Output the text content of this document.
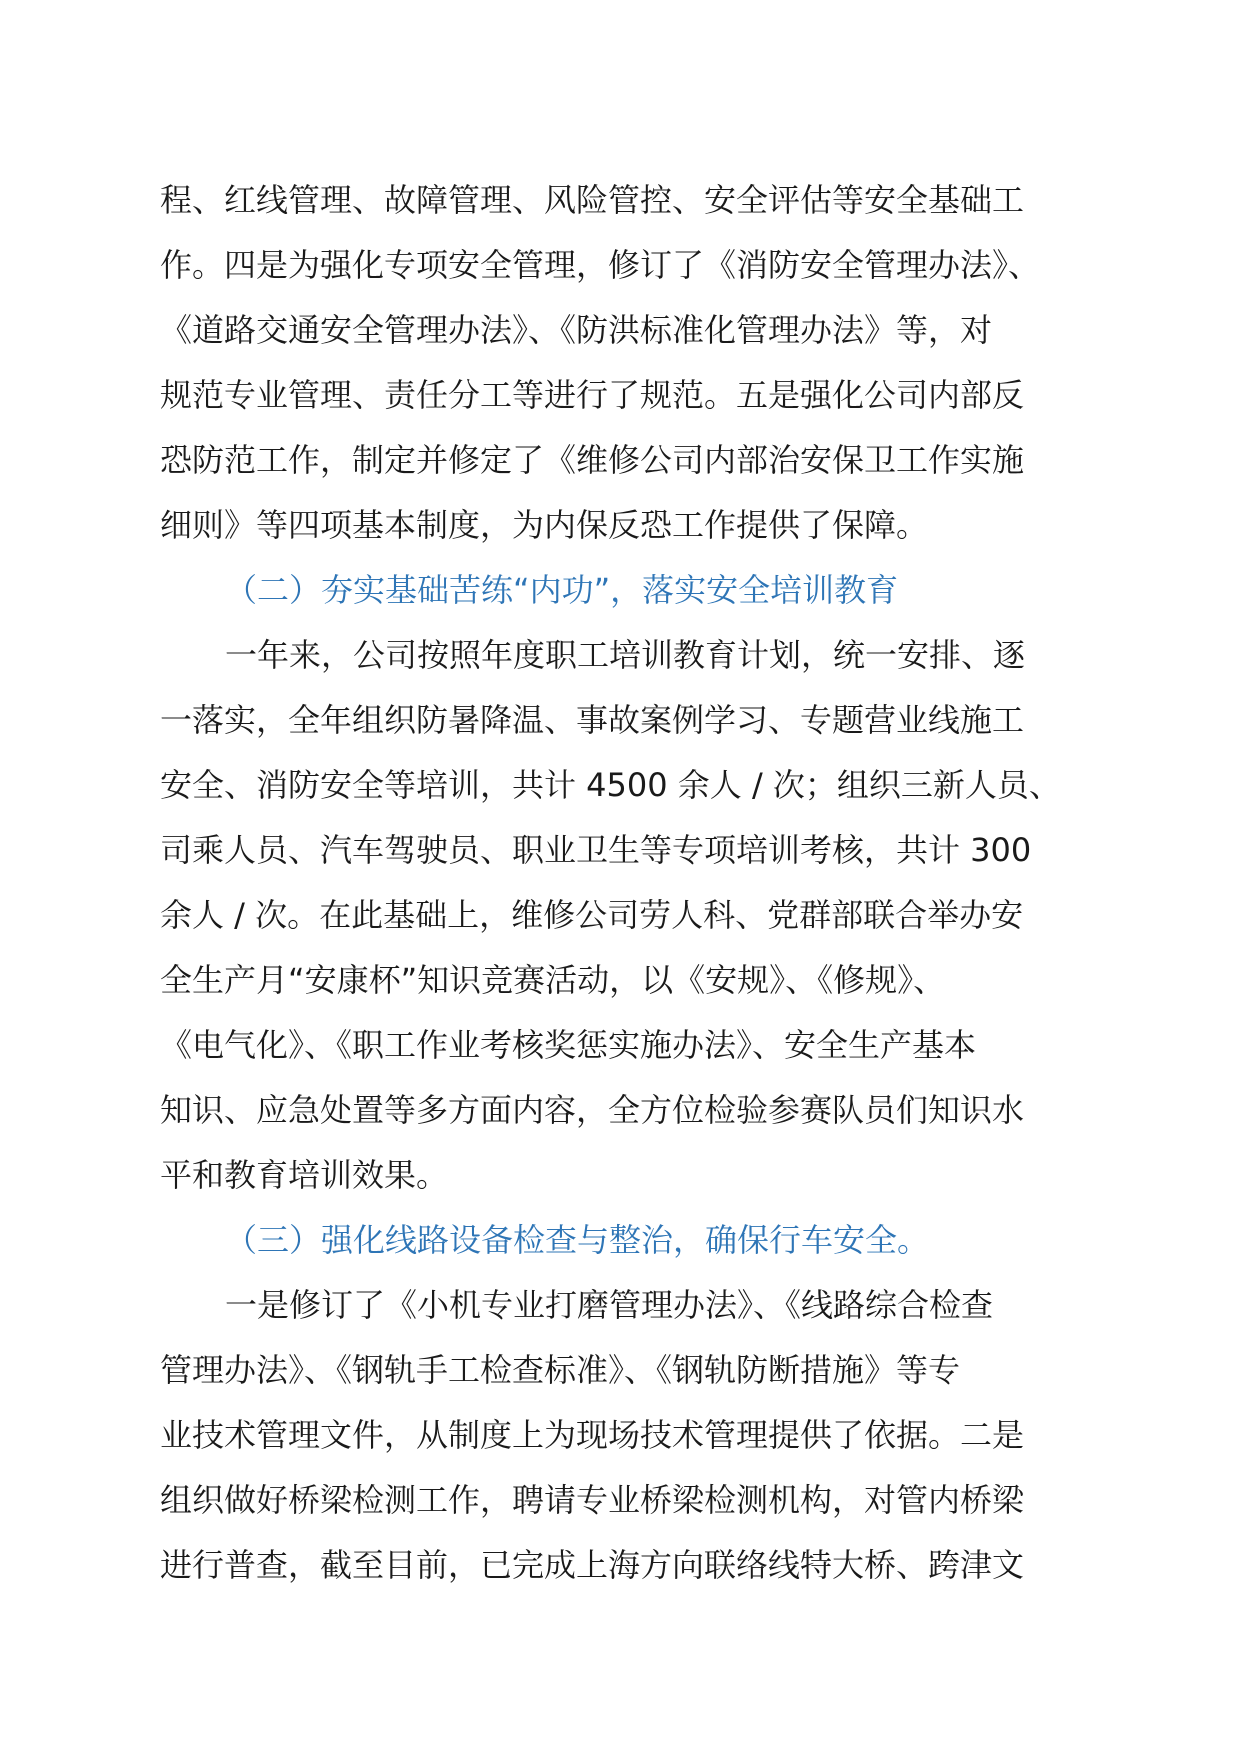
程、红线管理、故障管理、风险管控、安全评估等安全基础工
作。四是为强化专项安全管理，修订了《消防安全管理办法》、
《道路交通安全管理办法》、《防洪标准化管理办法》等，对
规范专业管理、责任分工等进行了规范。五是强化公司内部反
恐防范工作，制定并修定了《维修公司内部治安保卫工作实施
细则》等四项基本制度，为内保反恐工作提供了保障。
（二）夯实基础苦练“内功”，落实安全培训教育
一年来，公司按照年度职工培训教育计划，统一安排、逐
一落实，全年组织防暑降温、事故案例学习、专题营业线施工
安全、消防安全等培训，共计 4500 余人 / 次；组织三新人员、
司乘人员、汽车驾驶员、职业卫生等专项培训考核，共计 300
余人 / 次。在此基础上，维修公司劳人科、党群部联合举办安
全生产月“安康杯”知识竞赛活动，以《安规》、《修规》、
《电气化》、《职工作业考核奖惩实施办法》、安全生产基本
知识、应急处置等多方面内容，全方位检验参赛队员们知识水
平和教育培训效果。
（三）强化线路设备检查与整治，确保行车安全。
一是修订了《小机专业打磨管理办法》、《线路综合检查
管理办法》、《钢轨手工检查标准》、《钢轨防断措施》等专
业技术管理文件，从制度上为现场技术管理提供了依据。二是
组织做好桥梁检测工作，聘请专业桥梁检测机构，对管内桥梁
进行普查，截至目前，已完成上海方向联络线特大桥、跨津文
